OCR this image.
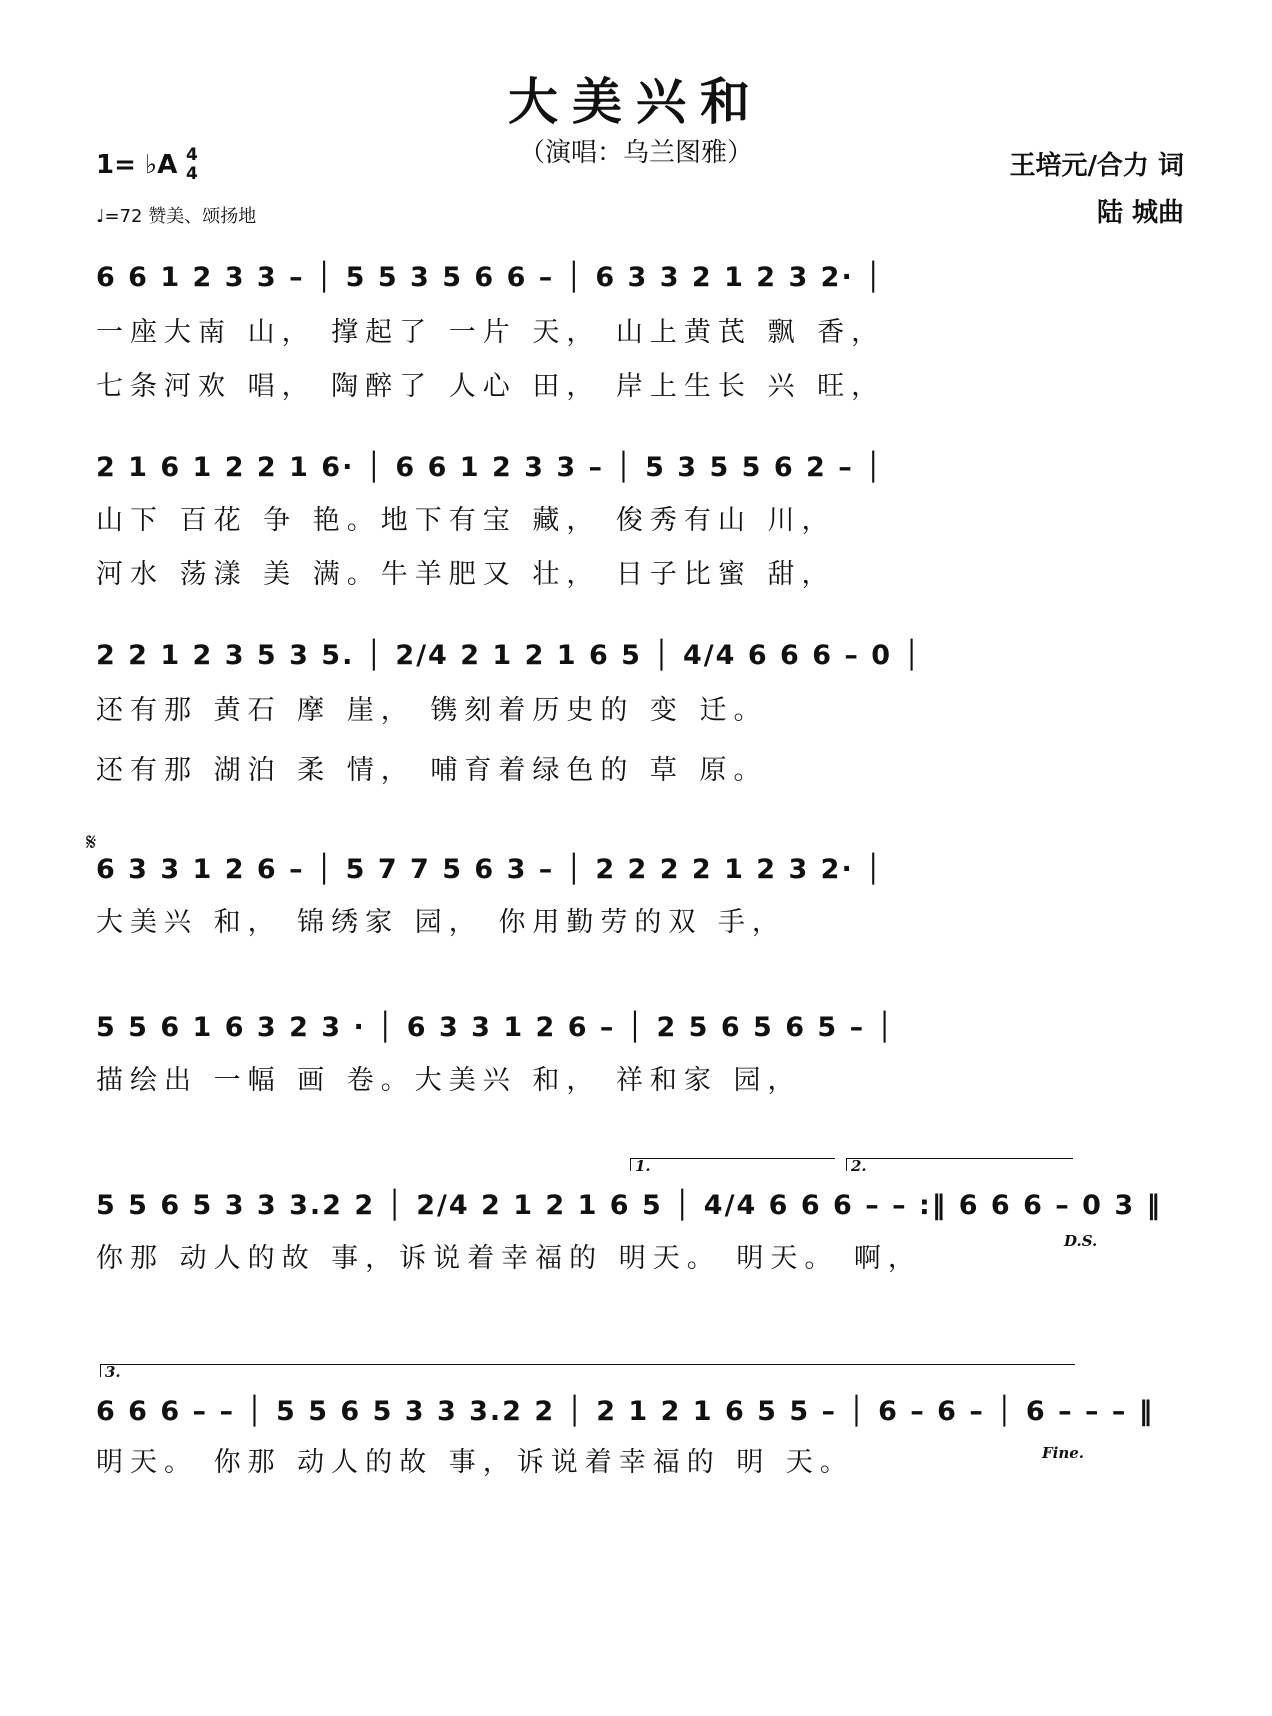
大美兴和
（演唱：乌兰图雅）
1= ♭A 4
4
♩=72 赞美、颂扬地
王培元/合力 词
陆 城曲
6 6 1 2 3 3 – │ 5 5 3 5 6 6 – │ 6 3 3 2 1 2 3 2· │
一座大南 山， 撑起了 一片 天， 山上黄芪 飘 香，
七条河欢 唱， 陶醉了 人心 田， 岸上生长 兴 旺，
2 1 6 1 2 2 1 6· │ 6 6 1 2 3 3 – │ 5 3 5 5 6 2 – │
山下 百花 争 艳。地下有宝 藏， 俊秀有山 川，
河水 荡漾 美 满。牛羊肥又 壮， 日子比蜜 甜，
2 2 1 2 3 5 3 5. │ 2/4 2 1 2 1 6 5 │ 4/4 6 6 6 – 0 │
还有那 黄石 摩 崖， 镌刻着历史的 变 迁。
还有那 湖泊 柔 情， 哺育着绿色的 草 原。
𝄋
6 3 3 1 2 6 – │ 5 7 7 5 6 3 – │ 2 2 2 2 1 2 3 2· │
大美兴 和， 锦绣家 园， 你用勤劳的双 手，
5 5 6 1 6 3 2 3 · │ 6 3 3 1 2 6 – │ 2 5 6 5 6 5 – │
描绘出 一幅 画 卷。大美兴 和， 祥和家 园，
1.	2.
5 5 6 5 3 3 3.2 2 │ 2/4 2 1 2 1 6 5 │ 4/4 6 6 6 – – :‖ 6 6 6 – 0 3 ‖
你那 动人的故 事，诉说着幸福的 明天。 明天。 啊，
D.S.
3.
6 6 6 – – │ 5 5 6 5 3 3 3.2 2 │ 2 1 2 1 6 5 5 – │ 6 – 6 – │ 6 – – – ‖
明天。 你那 动人的故 事，诉说着幸福的 明 天。	Fine.
